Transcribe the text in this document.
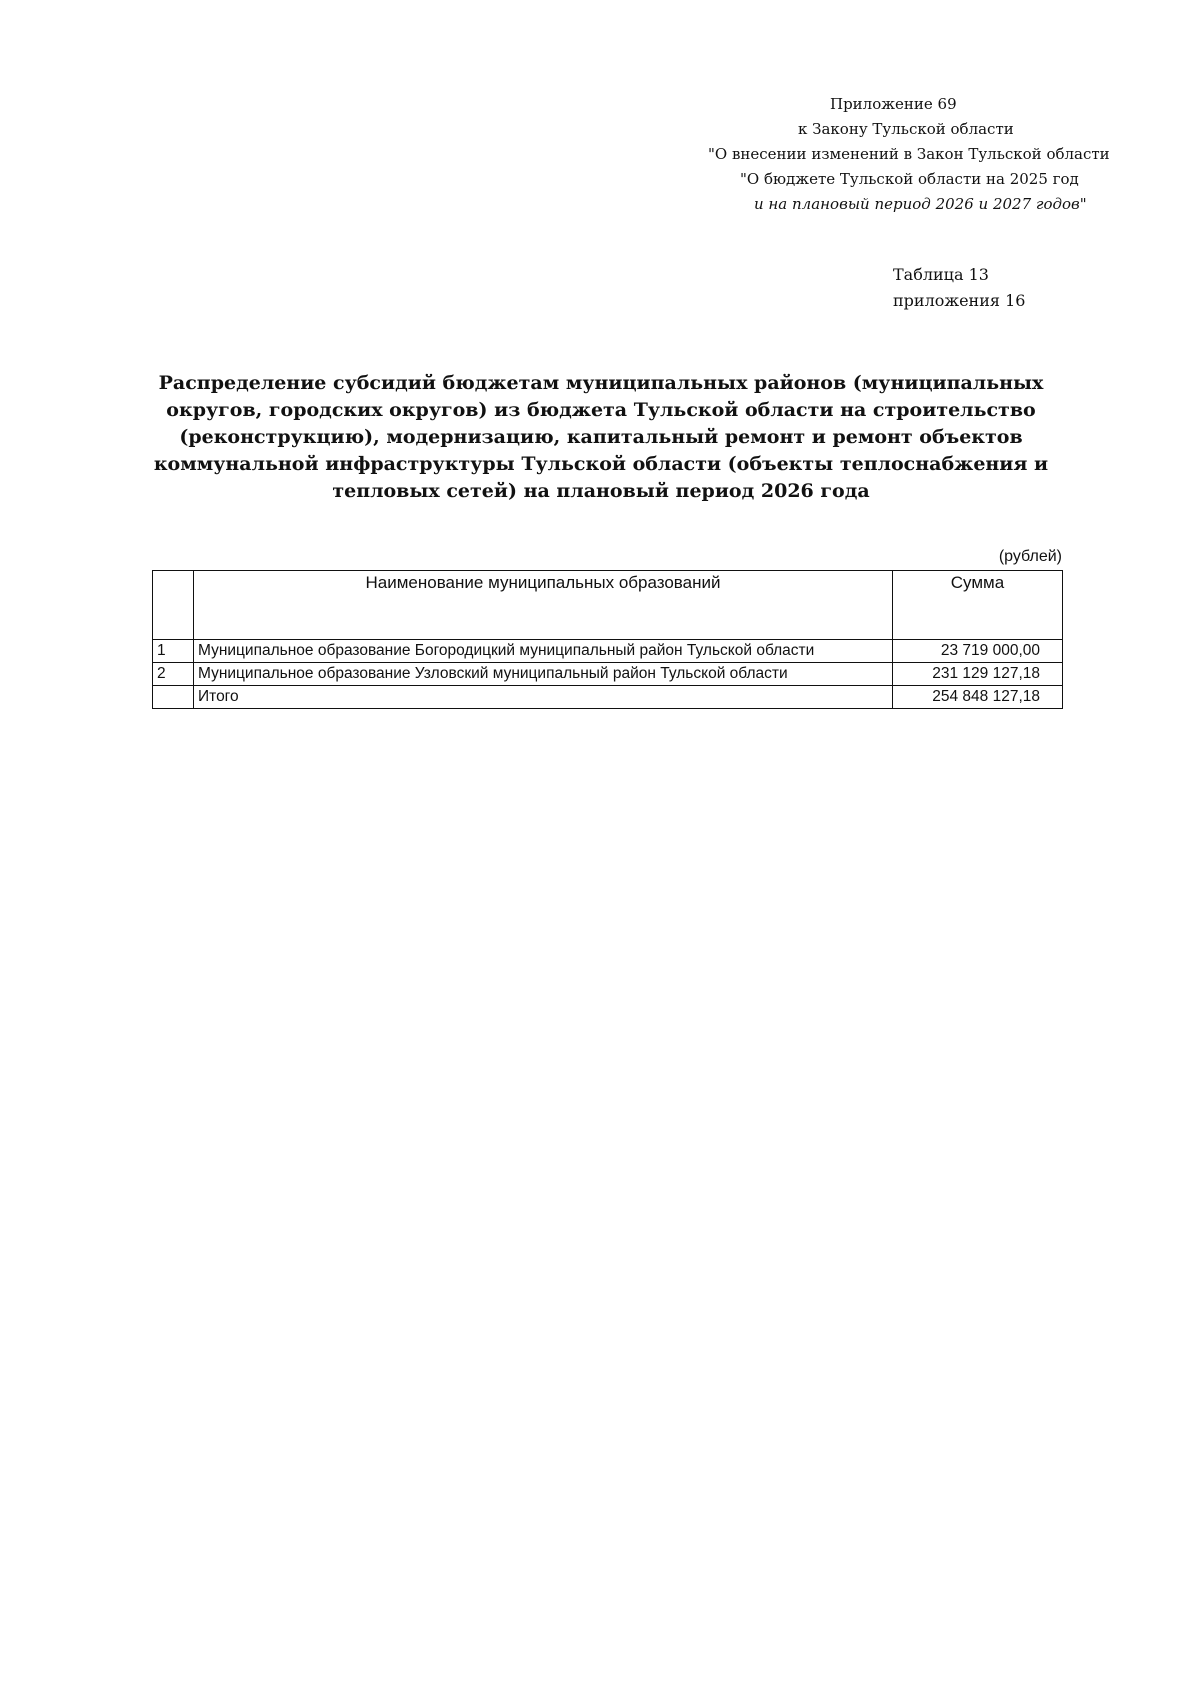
Приложение 69
к Закону Тульской области
"О внесении изменений в Закон Тульской области
"О бюджете Тульской области на 2025 год
и на плановый период 2026 и 2027 годов"
Таблица 13
приложения 16
Распределение субсидий бюджетам муниципальных районов (муниципальных округов, городских округов) из бюджета Тульской области на строительство (реконструкцию), модернизацию, капитальный ремонт и ремонт объектов коммунальной инфраструктуры Тульской области (объекты теплоснабжения и тепловых сетей) на плановый период 2026 года
(рублей)
	Наименование муниципальных образований	Сумма
1	Муниципальное образование Богородицкий муниципальный район Тульской области	23 719 000,00
2	Муниципальное образование Узловский муниципальный район Тульской области	231 129 127,18
	Итого	254 848 127,18
